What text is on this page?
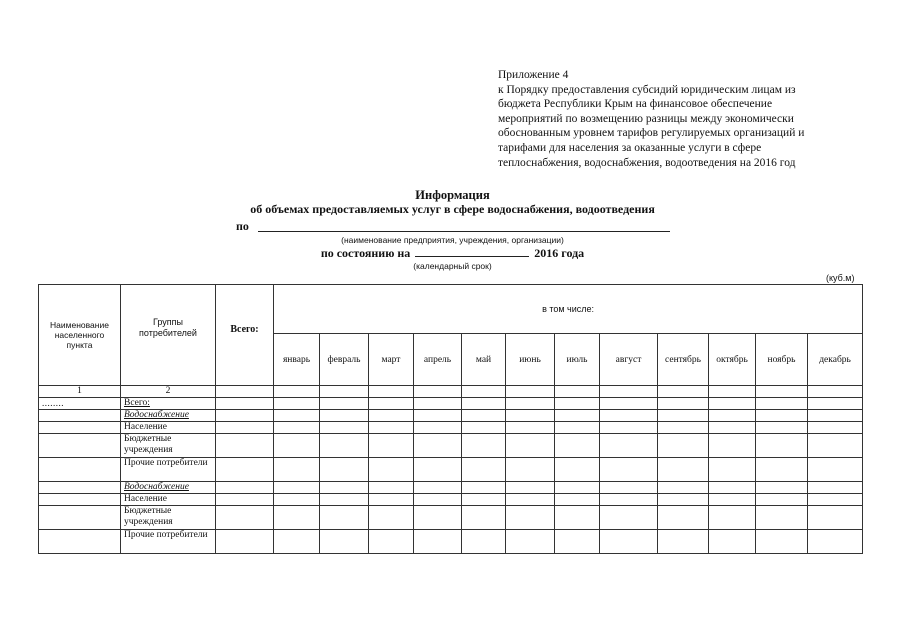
Приложение 4
к Порядку предоставления субсидий юридическим лицам из
бюджета Республики Крым на финансовое обеспечение
мероприятий по возмещению разницы между экономически
обоснованным уровнем тарифов регулируемых организаций и
тарифами для населения за оказанные услуги в сфере
теплоснабжения, водоснабжения, водоотведения на 2016 год
Информация
об объемах предоставляемых услуг в сфере водоснабжения, водоотведения
по
(наименование предприятия, учреждения, организации)
по состоянию на	2016 года
(календарный срок)
(куб.м)
Наименование населенного пункта	Группы потребителей	Всего:	в том числе:											
			январь	февраль	март	апрель	май	июнь	июль	август	сентябрь	октябрь	ноябрь	декабрь
1	2													
........	Всего:													
	Водоснабжение													
	Население													
	Бюджетные учреждения													
	Прочие потребители													
	Водоснабжение													
	Население													
	Бюджетные учреждения													
	Прочие потребители													
